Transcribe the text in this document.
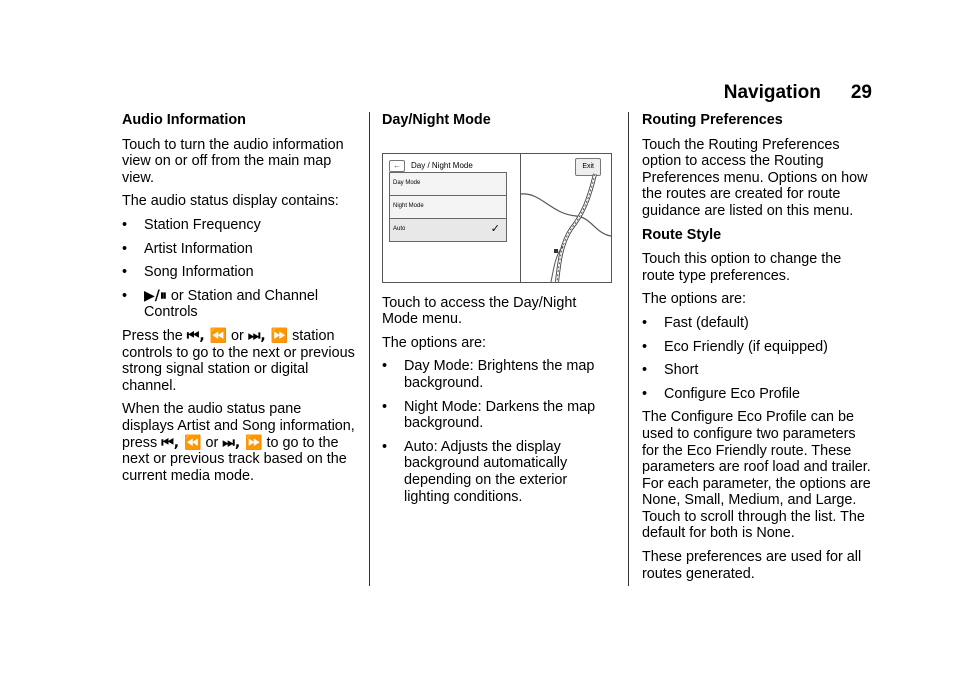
Navigation 29
Audio Information

Touch to turn the audio information view on or off from the main map view.

The audio status display contains:

•	Station Frequency
•	Artist Information
•	Song Information
•	▶/⏸ or Station and Channel Controls

Press the ⏮, ⏪ or ⏭, ⏩ station controls to go to the next or previous strong signal station or digital channel.

When the audio status pane displays Artist and Song information, press ⏮, ⏪ or ⏭, ⏩ to go to the next or previous track based on the current media mode.

Day/Night Mode
←	Day / Night Mode	Exit
Day Mode
Night Mode
Auto	✓

Touch to access the Day/Night Mode menu.

The options are:

•	Day Mode: Brightens the map background.
•	Night Mode: Darkens the map background.
•	Auto: Adjusts the display background automatically depending on the exterior lighting conditions.
Routing Preferences

Touch the Routing Preferences option to access the Routing Preferences menu. Options on how the routes are created for route guidance are listed on this menu.

Route Style

Touch this option to change the route type preferences.

The options are:

•	Fast (default)
•	Eco Friendly (if equipped)
•	Short
•	Configure Eco Profile

The Configure Eco Profile can be used to configure two parameters for the Eco Friendly route. These parameters are roof load and trailer. For each parameter, the options are None, Small, Medium, and Large. Touch to scroll through the list. The default for both is None.

These preferences are used for all routes generated.
